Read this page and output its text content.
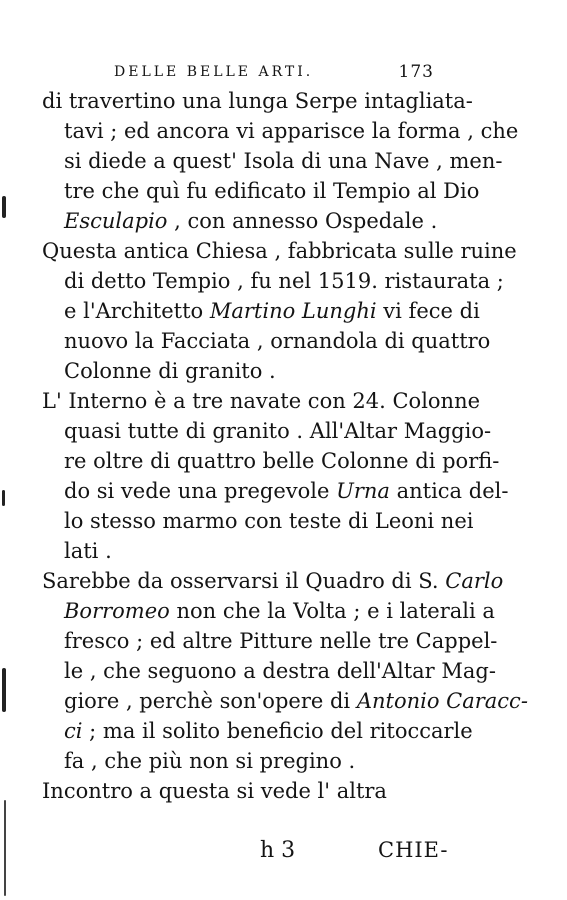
DELLE BELLE ARTI.	173
di travertino una lunga Serpe intagliata-
tavi ; ed ancora vi apparisce la forma , che
si diede a quest' Isola di una Nave , men-
tre che quì fu edificato il Tempio al Dio
Esculapio , con annesso Ospedale .
Questa antica Chiesa , fabbricata sulle ruine
di detto Tempio , fu nel 1519. ristaurata ;
e l'Architetto Martino Lunghi vi fece di
nuovo la Facciata , ornandola di quattro
Colonne di granito .
L' Interno è a tre navate con 24. Colonne
quasi tutte di granito . All'Altar Maggio-
re oltre di quattro belle Colonne di porfi-
do si vede una pregevole Urna antica del-
lo stesso marmo con teste di Leoni nei
lati .
Sarebbe da osservarsi il Quadro di S. Carlo
Borromeo non che la Volta ; e i laterali a
fresco ; ed altre Pitture nelle tre Cappel-
le , che seguono a destra dell'Altar Mag-
giore , perchè son'opere di Antonio Caracc-
ci ; ma il solito beneficio del ritoccarle
fa , che più non si pregino .
Incontro a questa si vede l' altra
h 3	CHIE-
